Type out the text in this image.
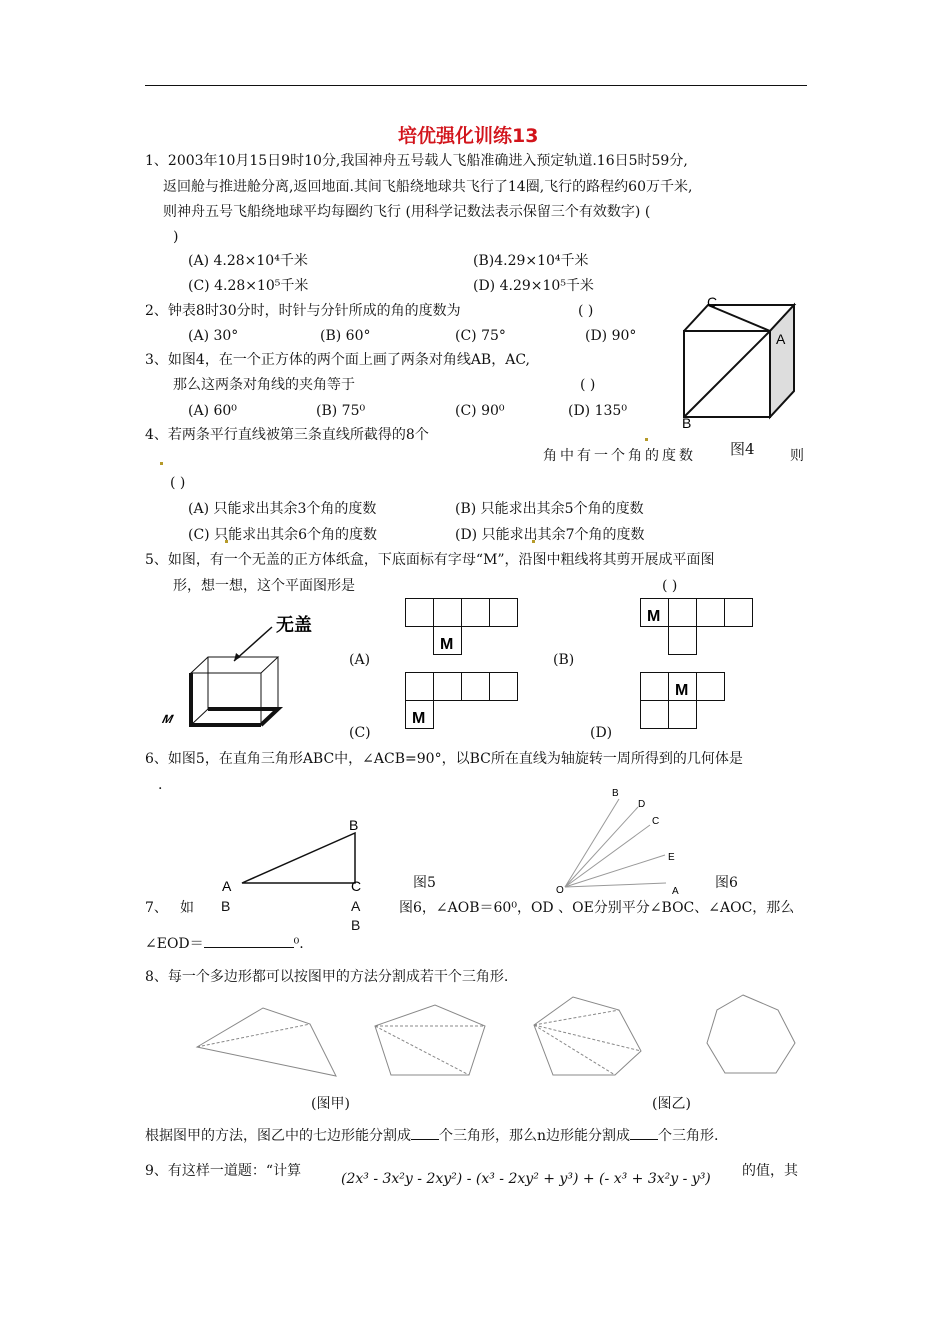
培优强化训练13
1、2003年10月15日9时10分,我国神舟五号载人飞船准确进入预定轨道.16日5时59分,
返回舱与推进舱分离,返回地面.其间飞船绕地球共飞行了14圈,飞行的路程约60万千米,
则神舟五号飞船绕地球平均每圈约飞行 (用科学记数法表示保留三个有效数字) (
)
(A) 4.28×10⁴千米	(B)4.29×10⁴千米
(C) 4.28×10⁵千米	(D) 4.29×10⁵千米
2、钟表8时30分时，时针与分针所成的角的度数为	( )
(A) 30°	(B) 60°	(C) 75°	(D) 90°
3、如图4，在一个正方体的两个面上画了两条对角线AB，AC,
那么这两条对角线的夹角等于	( )
(A) 60⁰	(B) 75⁰	(C) 90⁰	(D) 135⁰
C
A
B
图4
4、若两条平行直线被第三条直线所截得的8个
角中有一个角的度数	则
( )
(A) 只能求出其余3个角的度数	(B) 只能求出其余5个角的度数
(C) 只能求出其余6个角的度数	(D) 只能求出其余7个角的度数
5、如图，有一个无盖的正方体纸盒，下底面标有字母“M”，沿图中粗线将其剪开展成平面图
形，想一想，这个平面图形是	( )
无盖
M
M
(A)
M
(B)
M
(C)
M
(D)
6、如图5，在直角三角形ABC中，∠ACB=90°，以BC所在直线为轴旋转一周所得到的几何体是
.
B
A	C	图5
B
D
C
E
O	A
图6
7、 如 B	A
B
图6，∠AOB＝60⁰，OD 、OE分别平分∠BOC、∠AOC，那么
∠EOD＝	⁰.
8、每一个多边形都可以按图甲的方法分割成若干个三角形.
(图甲)	(图乙)
根据图甲的方法，图乙中的七边形能分割成 个三角形，那么n边形能分割成 个三角形.
9、有这样一道题：“计算	(2x³ - 3x²y - 2xy²) - (x³ - 2xy² + y³) + (- x³ + 3x²y - y³) 的值，其
